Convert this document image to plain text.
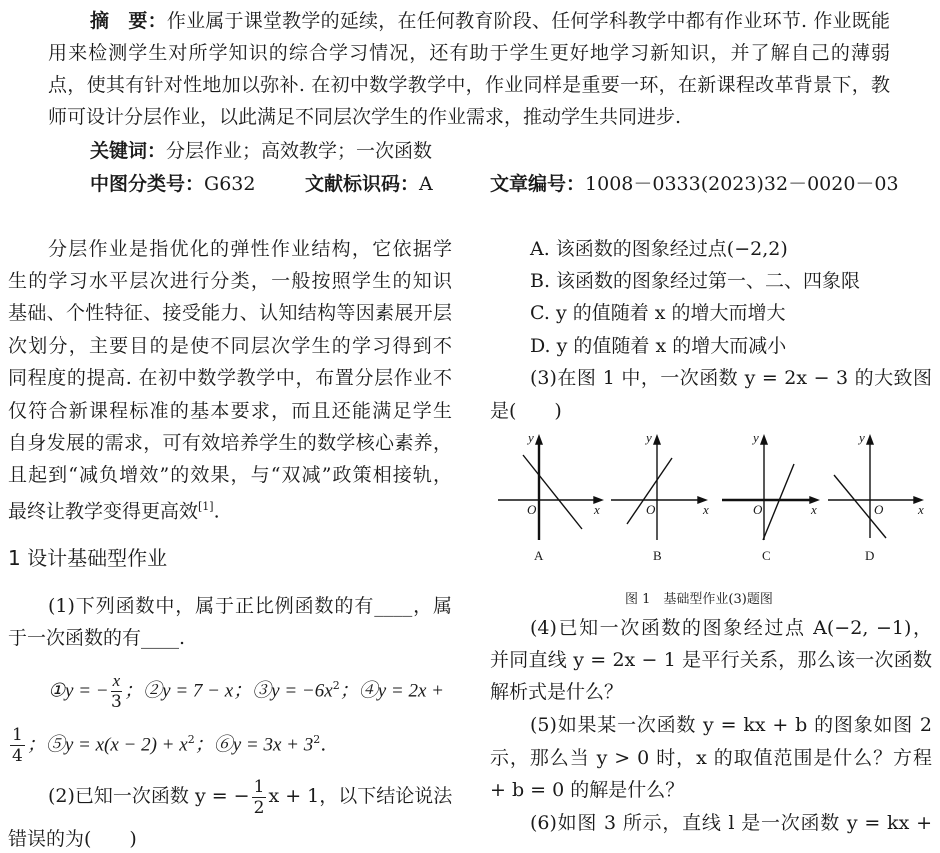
摘　要：作业属于课堂教学的延续，在任何教育阶段、任何学科教学中都有作业环节. 作业既能
用来检测学生对所学知识的综合学习情况，还有助于学生更好地学习新知识，并了解自己的薄弱
点，使其有针对性地加以弥补. 在初中数学教学中，作业同样是重要一环，在新课程改革背景下，教
师可设计分层作业，以此满足不同层次学生的作业需求，推动学生共同进步.
关键词：分层作业；高效教学；一次函数
中图分类号：G632	文献标识码：A	文章编号：1008－0333(2023)32－0020－03
分层作业是指优化的弹性作业结构，它依据学
生的学习水平层次进行分类，一般按照学生的知识
基础、个性特征、接受能力、认知结构等因素展开层
次划分，主要目的是使不同层次学生的学习得到不
同程度的提高. 在初中数学教学中，布置分层作业不
仅符合新课程标准的基本要求，而且还能满足学生
自身发展的需求，可有效培养学生的数学核心素养，
且起到“减负增效”的效果，与“双减”政策相接轨，
最终让教学变得更高效[1].
1 设计基础型作业
(1)下列函数中，属于正比例函数的有____，属
于一次函数的有____.
①y = − $\frac{x}{3}$ ；②y = 7 − x；③y = $-6x^2$；④y = 2x +
$\frac{1}{4}$ ；⑤y = $x(x - 2) + x^2$；⑥y = $3x + 3^2$.
(2)已知一次函数 y = − $\frac{1}{2}$ x + 1，以下结论说法
错误的为(　　)
A. 该函数的图象经过点(−2,2)
B. 该函数的图象经过第一、二、四象限
C. y 的值随着 x 的增大而增大
D. y 的值随着 x 的增大而减小
(3)在图 1 中，一次函数 y = 2x − 3 的大致图
是(　　)
y	y	y	y
x	x	x	x
O	O	O	O
A	B	C	D
图 1　基础型作业(3)题图
(4)已知一次函数的图象经过点 A(−2, −1)，
并同直线 y = 2x − 1 是平行关系，那么该一次函数
解析式是什么？
(5)如果某一次函数 y = kx + b 的图象如图 2
示，那么当 y > 0 时，x 的取值范围是什么？方程
+ b = 0 的解是什么？
(6)如图 3 所示，直线 l 是一次函数 y = kx +
